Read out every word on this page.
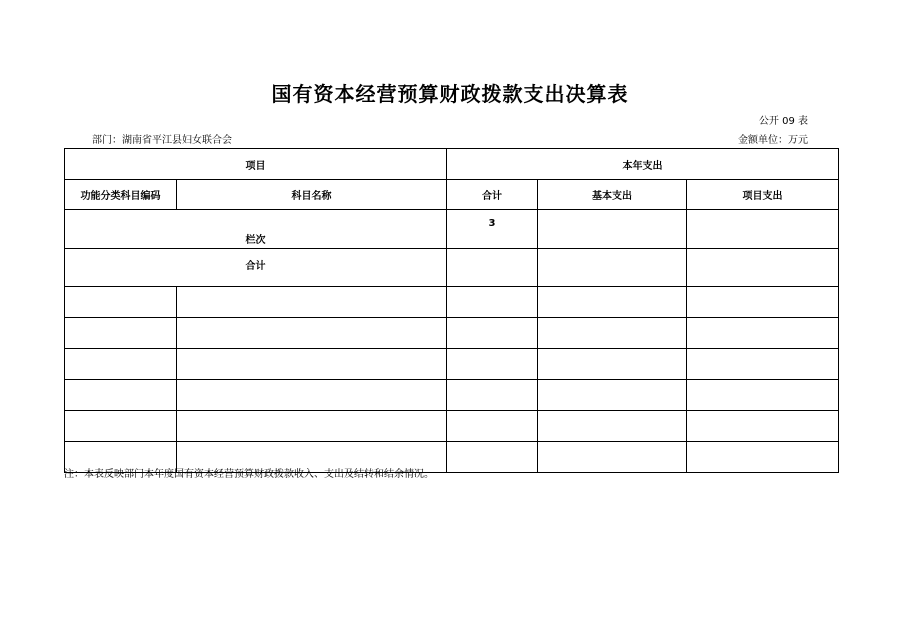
国有资本经营预算财政拨款支出决算表
公开 09 表
部门：湖南省平江县妇女联合会	金额单位：万元
项目		本年支出		
功能分类科目编码	科目名称	合计	基本支出	项目支出
栏次		3		
合计				

注：本表反映部门本年度国有资本经营预算财政拨款收入、支出及结转和结余情况。
